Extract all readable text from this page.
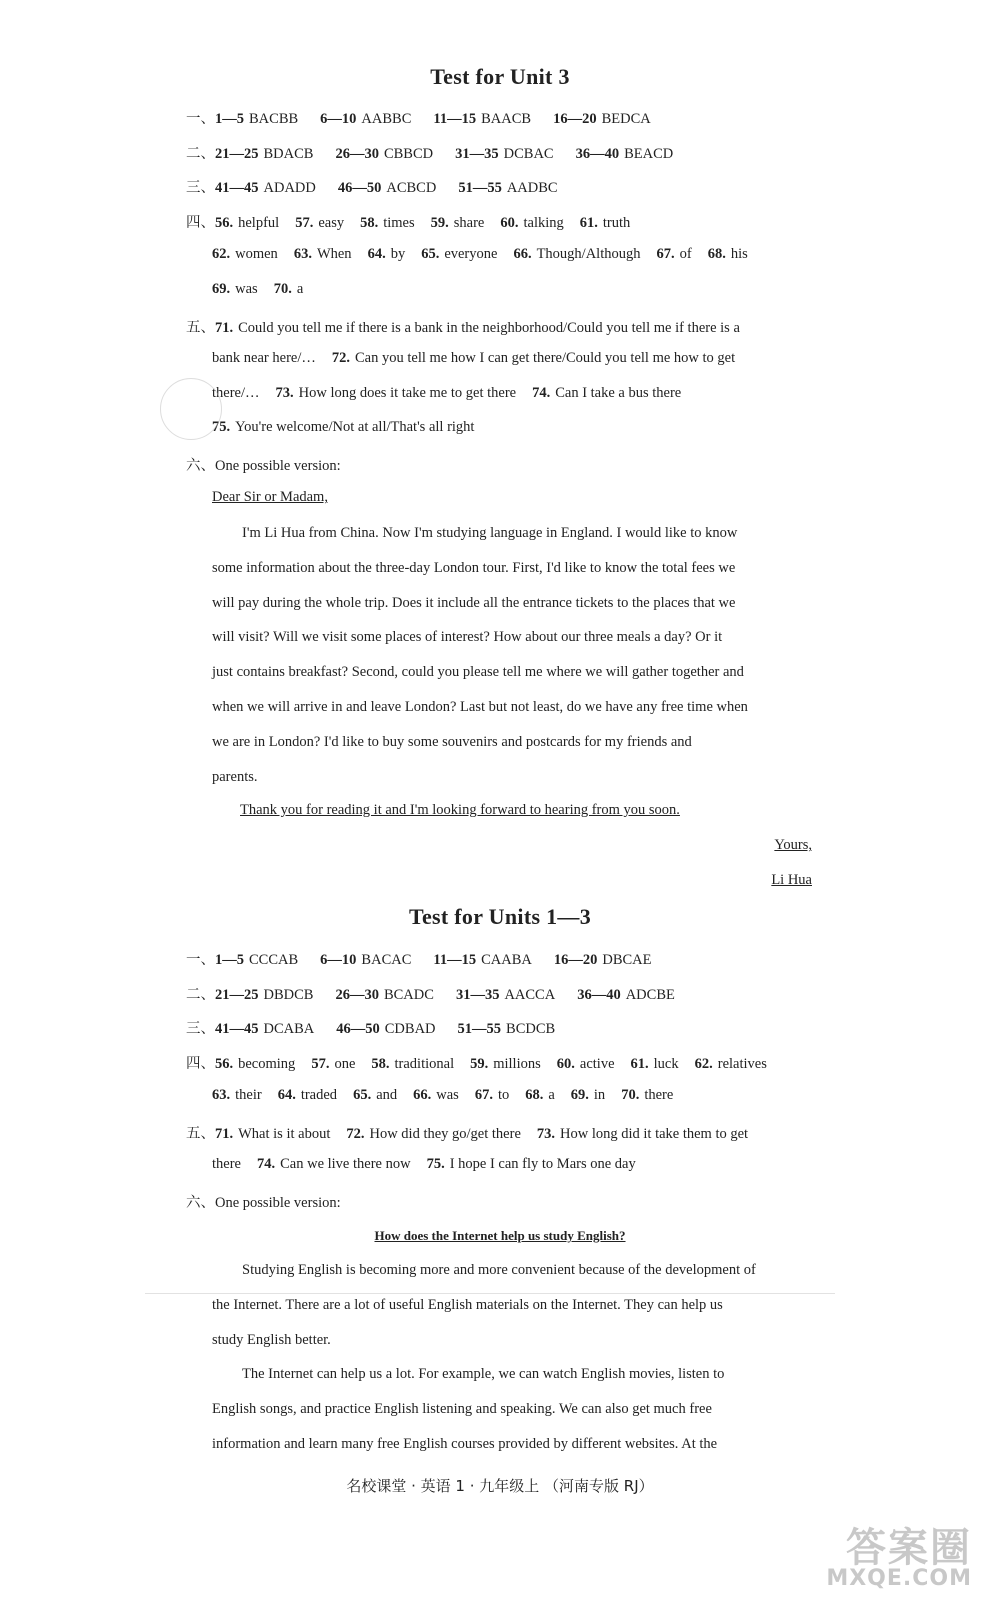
Test for Unit 3
一、1—5 BACBB 6—10 AABBC 11—15 BAACB 16—20 BEDCA
二、21—25 BDACB 26—30 CBBCD 31—35 DCBAC 36—40 BEACD
三、41—45 ADADD 46—50 ACBCD 51—55 AADBC
四、56. helpful 57. easy 58. times 59. share 60. talking 61. truth
62. women 63. When 64. by 65. everyone 66. Though/Although 67. of 68. his
69. was 70. a
五、71. Could you tell me if there is a bank in the neighborhood/Could you tell me if there is a
bank near here/… 72. Can you tell me how I can get there/Could you tell me how to get
there/… 73. How long does it take me to get there 74. Can I take a bus there
75. You're welcome/Not at all/That's all right
六、One possible version:
Dear Sir or Madam,
I'm Li Hua from China. Now I'm studying language in England. I would like to know
some information about the three-day London tour. First, I'd like to know the total fees we
will pay during the whole trip. Does it include all the entrance tickets to the places that we
will visit? Will we visit some places of interest? How about our three meals a day? Or it
just contains breakfast? Second, could you please tell me where we will gather together and
when we will arrive in and leave London? Last but not least, do we have any free time when
we are in London? I'd like to buy some souvenirs and postcards for my friends and
parents.
Thank you for reading it and I'm looking forward to hearing from you soon.
Yours,
Li Hua
Test for Units 1—3
一、1—5 CCCAB 6—10 BACAC 11—15 CAABA 16—20 DBCAE
二、21—25 DBDCB 26—30 BCADC 31—35 AACCA 36—40 ADCBE
三、41—45 DCABA 46—50 CDBAD 51—55 BCDCB
四、56. becoming 57. one 58. traditional 59. millions 60. active 61. luck 62. relatives
63. their 64. traded 65. and 66. was 67. to 68. a 69. in 70. there
五、71. What is it about 72. How did they go/get there 73. How long did it take them to get
there 74. Can we live there now 75. I hope I can fly to Mars one day
六、One possible version:
How does the Internet help us study English?
Studying English is becoming more and more convenient because of the development of
the Internet. There are a lot of useful English materials on the Internet. They can help us
study English better.
The Internet can help us a lot. For example, we can watch English movies, listen to
English songs, and practice English listening and speaking. We can also get much free
information and learn many free English courses provided by different websites. At the
名校课堂 · 英语 1 · 九年级上 （河南专版 RJ）
答案圈
MXQE.COM
